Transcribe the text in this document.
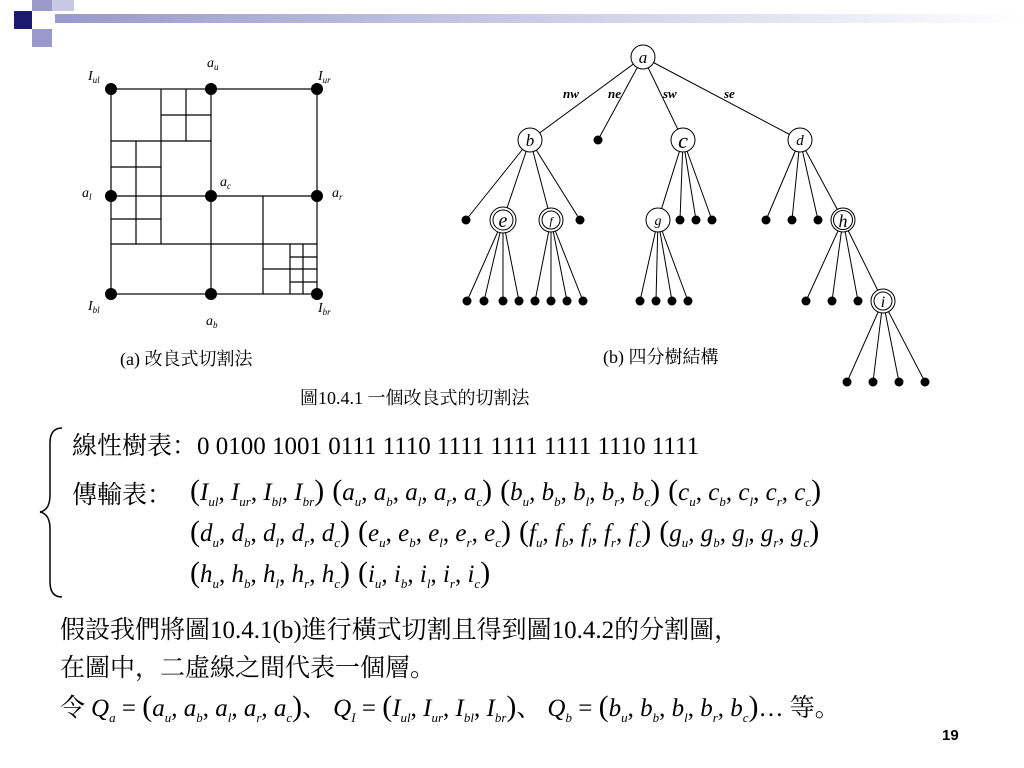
$I_{ul}$
$a_u$
$I_{ur}$
$a_l$
$a_c$	$a_r$
$I_{bl}$
$a_b$
$I_{br}$
(a) 改良式切割法
a
b	c	d
e	f	g	h
i
nw ne	sw	se
(b) 四分樹結構
圖10.4.1 一個改良式的切割法
線性樹表：0 0100 1001 0111 1110 1111 1111 1111 1110 1111
傳輸表： ($I_{ul}$, $I_{ur}$, $I_{bl}$, $I_{br}$) ($a_u$, $a_b$, $a_l$, $a_r$, $a_c$) ($b_u$, $b_b$, $b_l$, $b_r$, $b_c$) ($c_u$, $c_b$, $c_l$, $c_r$, $c_c$)
($d_u$, $d_b$, $d_l$, $d_r$, $d_c$) ($e_u$, $e_b$, $e_l$, $e_r$, $e_c$) ($f_u$, $f_b$, $f_l$, $f_r$, $f_c$) ($g_u$, $g_b$, $g_l$, $g_r$, $g_c$)
($h_u$, $h_b$, $h_l$, $h_r$, $h_c$) ($i_u$, $i_b$, $i_l$, $i_r$, $i_c$)
假設我們將圖10.4.1(b)進行橫式切割且得到圖10.4.2的分割圖，
在圖中，二虛線之間代表一個層。
令 $Q_a = (a_u$, $a_b$, $a_l$, $a_r$, $a_c$)、 $Q_I = (I_{ul}$, $I_{ur}$, $I_{bl}$, $I_{br}$)、 $Q_b = (b_u$, $b_b$, $b_l$, $b_r$, $b_c)\dots$ 等。
19
